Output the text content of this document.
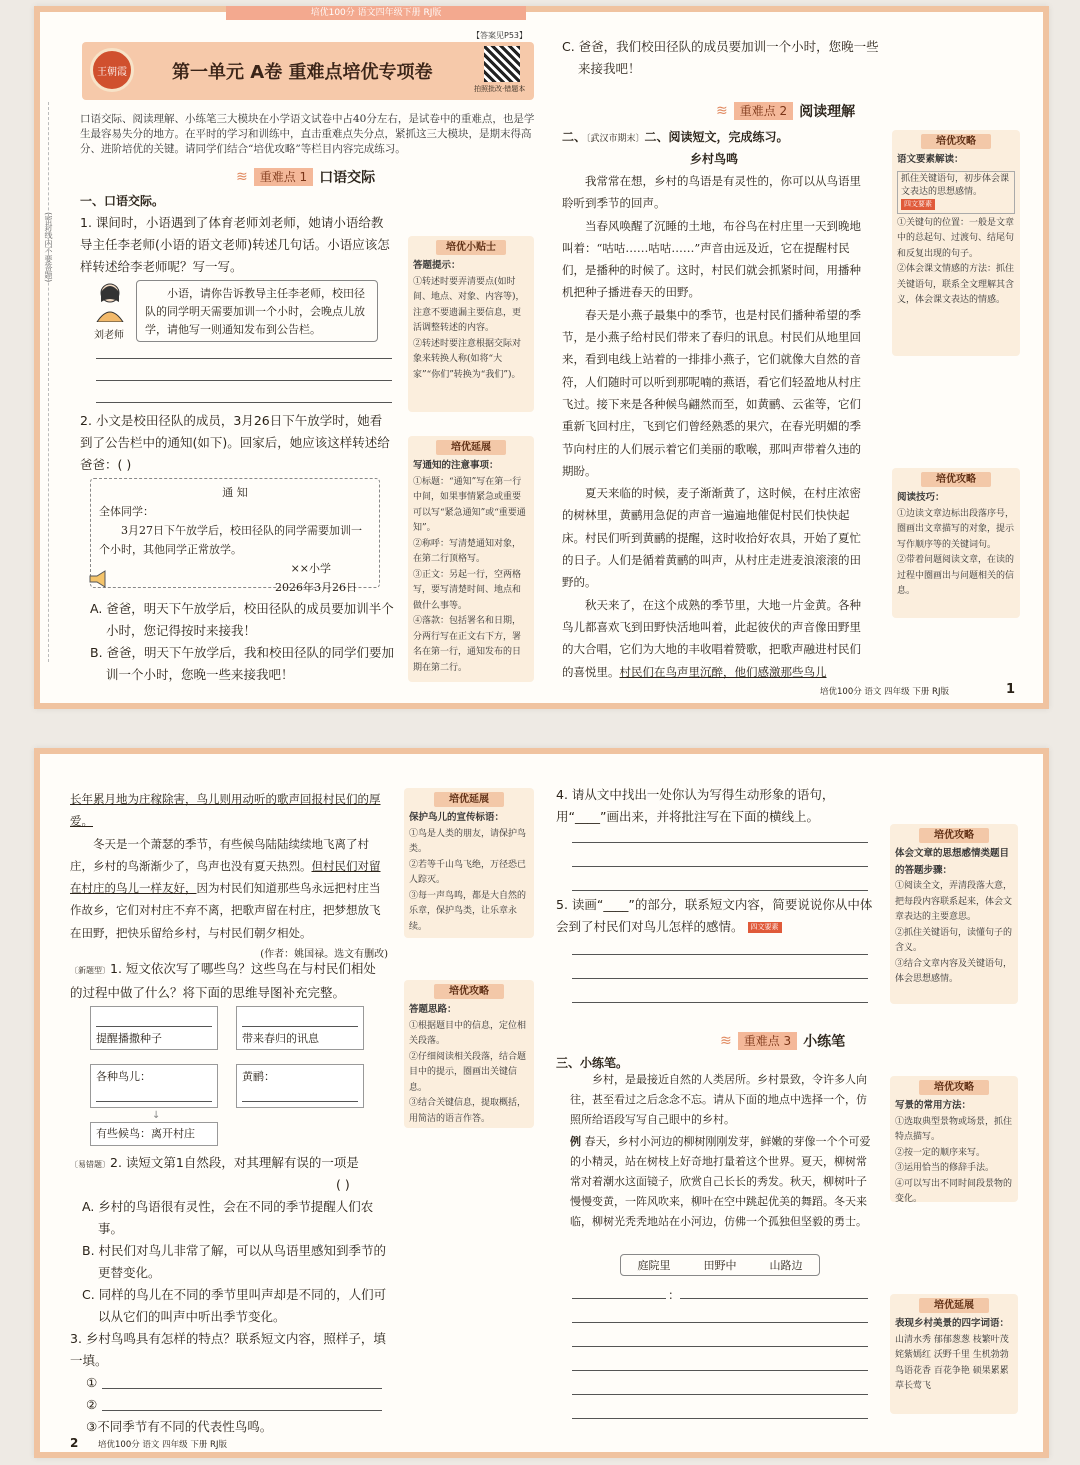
培优100分 语文四年级下册 RJ版
(密封线内不要答题)
【答案见P53】
王朝霞	第一单元 A卷 重难点培优专项卷
拍照批改·错题本
口语交际、阅读理解、小练笔三大模块在小学语文试卷中占40分左右，是试卷中的重难点，也是学生最容易失分的地方。在平时的学习和训练中，直击重难点失分点，紧抓这三大模块，是期末得高分、进阶培优的关键。请同学们结合“培优攻略”等栏目内容完成练习。
≋	重难点 1 口语交际
一、口语交际。
1. 课间时，小语遇到了体育老师刘老师，她请小语给教导主任李老师(小语的语文老师)转述几句话。小语应该怎样转述给李老师呢？写一写。
刘老师
小语，请你告诉教导主任李老师，校田径队的同学明天需要加训一个小时，会晚点儿放学，请他写一则通知发布到公告栏。
2. 小文是校田径队的成员，3月26日下午放学时，她看到了公告栏中的通知(如下)。回家后，她应该这样转述给爸爸：( )
通 知
全体同学：
3月27日下午放学后，校田径队的同学需要加训一个小时，其他同学正常放学。
××小学
2026年3月26日
A. 爸爸，明天下午放学后，校田径队的成员要加训半个小时，您记得按时来接我！
B. 爸爸，明天下午放学后，我和校田径队的同学们要加训一个小时，您晚一些来接我吧！
培优小贴士
答题提示：
①转述时要弄清要点(如时间、地点、对象、内容等)，注意不要遗漏主要信息，更活调整转述的内容。
②转述时要注意根据交际对象来转换人称(如将“大家”“你们”转换为“我们”)。
培优延展
写通知的注意事项：
①标题：“通知”写在第一行中间，如果事情紧急或重要可以写“紧急通知”或“重要通知”。
②称呼：写清楚通知对象，在第二行顶格写。
③正文：另起一行，空两格写，要写清楚时间、地点和做什么事等。
④落款：包括署名和日期，分两行写在正文右下方，署名在第一行，通知发布的日期在第二行。
C. 爸爸，我们校田径队的成员要加训一个小时，您晚一些来接我吧！
≋	重难点 2 阅读理解
二、〔武汉市期末〕二、阅读短文，完成练习。
乡村鸟鸣

我常常在想，乡村的鸟语是有灵性的，你可以从鸟语里聆听到季节的回声。

当春风唤醒了沉睡的土地，布谷鸟在村庄里一天到晚地叫着：“咕咕……咕咕……”声音由远及近，它在提醒村民们，是播种的时候了。这时，村民们就会抓紧时间，用播种机把种子播进春天的田野。

春天是小燕子最集中的季节，也是村民们播种希望的季节，是小燕子给村民们带来了春归的讯息。村民们从地里回来，看到电线上站着的一排排小燕子，它们就像大自然的音符，人们随时可以听到那呢喃的燕语，看它们轻盈地从村庄飞过。接下来是各种候鸟翩然而至，如黄鹂、云雀等，它们重新飞回村庄，飞到它们曾经熟悉的果穴，在春光明媚的季节向村庄的人们展示着它们美丽的歌喉，那叫声带着久违的期盼。

夏天来临的时候，麦子渐渐黄了，这时候，在村庄浓密的树林里，黄鹂用急促的声音一遍遍地催促村民们快快起床。村民们听到黄鹂的提醒，这时收拾好农具，开始了夏忙的日子。人们是循着黄鹂的叫声，从村庄走进麦浪滚滚的田野的。

秋天来了，在这个成熟的季节里，大地一片金黄。各种鸟儿都喜欢飞到田野快活地叫着，此起彼伏的声音像田野里的大合唱，它们为大地的丰收唱着赞歌，把歌声融进村民们的喜悦里。村民们在鸟声里沉醉，他们感激那些鸟儿

培优攻略
语文要素解读：
抓住关键语句，初步体会课文表达的思想感情。 四文要素
①关键句的位置：一般是文章中的总起句、过渡句、结尾句和反复出现的句子。
②体会课文情感的方法：抓住关键语句，联系全文理解其含义，体会课文表达的情感。
培优攻略
阅读技巧：
①边读文章边标出段落序号，圈画出文章描写的对象，提示写作顺序等的关键词句。
②带着问题阅读文章，在读的过程中圈画出与问题相关的信息。
培优100分 语文 四年级 下册 RJ版	1
长年累月地为庄稼除害，鸟儿则用动听的歌声回报村民们的厚爱。

冬天是一个萧瑟的季节，有些候鸟陆陆续续地飞离了村庄，乡村的鸟渐渐少了，鸟声也没有夏天热烈。但村民们对留在村庄的鸟儿一样友好，因为村民们知道那些鸟永远把村庄当作故乡，它们对村庄不弃不离，把歌声留在村庄，把梦想放飞在田野，把快乐留给乡村，与村民们朝夕相处。

(作者：姚国禄。选文有删改)
〔新题型〕1. 短文依次写了哪些鸟？这些鸟在与村民们相处的过程中做了什么？将下面的思维导图补充完整。
提醒播撒种子	带来春归的讯息
各种鸟儿：	黄鹂：
↓
有些候鸟：离开村庄
〔易错题〕2. 读短文第1自然段，对其理解有误的一项是
( )
A. 乡村的鸟语很有灵性，会在不同的季节提醒人们农事。
B. 村民们对鸟儿非常了解，可以从鸟语里感知到季节的更替变化。
C. 同样的鸟儿在不同的季节里叫声却是不同的，人们可以从它们的叫声中听出季节变化。
3. 乡村鸟鸣具有怎样的特点？联系短文内容，照样子，填一填。
①
②
③不同季节有不同的代表性鸟鸣。
2 培优100分 语文 四年级 下册 RJ版
培优延展
保护鸟儿的宣传标语：
①鸟是人类的朋友，请保护鸟类。
②若等千山鸟飞绝，万径恐已人踪灭。
③每一声鸟鸣，都是大自然的乐章，保护鸟类，让乐章永续。
培优攻略
答题思路：
①根据题目中的信息，定位相关段落。
②仔细阅读相关段落，结合题目中的提示，圈画出关键信息。
③结合关键信息，提取概括，用简洁的语言作答。
4. 请从文中找出一处你认为写得生动形象的语句，用“____”画出来，并将批注写在下面的横线上。
5. 读画“____”的部分，联系短文内容，简要说说你从中体会到了村民们对鸟儿怎样的感情。 四文要素
≋	重难点 3 小练笔
三、小练笔。
乡村，是最接近自然的人类居所。乡村景致，令许多人向往，甚至看过之后念念不忘。请从下面的地点中选择一个，仿照所给语段写写自己眼中的乡村。
例 春天，乡村小河边的柳树刚刚发芽，鲜嫩的芽像一个个可爱的小精灵，站在树枝上好奇地打量着这个世界。夏天，柳树常常对着潮水这面镜子，欣赏自己长长的秀发。秋天，柳树叶子慢慢变黄，一阵风吹来，柳叶在空中跳起优美的舞蹈。冬天来临，柳树光秃秃地站在小河边，仿佛一个孤独但坚毅的勇士。
庭院里	田野中	山路边
：
培优攻略
体会文章的思想感情类题目的答题步骤：
①阅读全文，弄清段落大意，把每段内容联系起来，体会文章表达的主要意思。
②抓住关键语句，读懂句子的含义。
③结合文章内容及关键语句，体会思想感情。
培优攻略
写景的常用方法：
①选取典型景物或场景，抓住特点描写。
②按一定的顺序来写。
③运用恰当的修辞手法。
④可以写出不同时间段景物的变化。
培优延展
表现乡村美景的四字词语：
山清水秀 郁郁葱葱 枝繁叶茂 姹紫嫣红 沃野千里 生机勃勃 鸟语花香 百花争艳 硕果累累 草长莺飞
